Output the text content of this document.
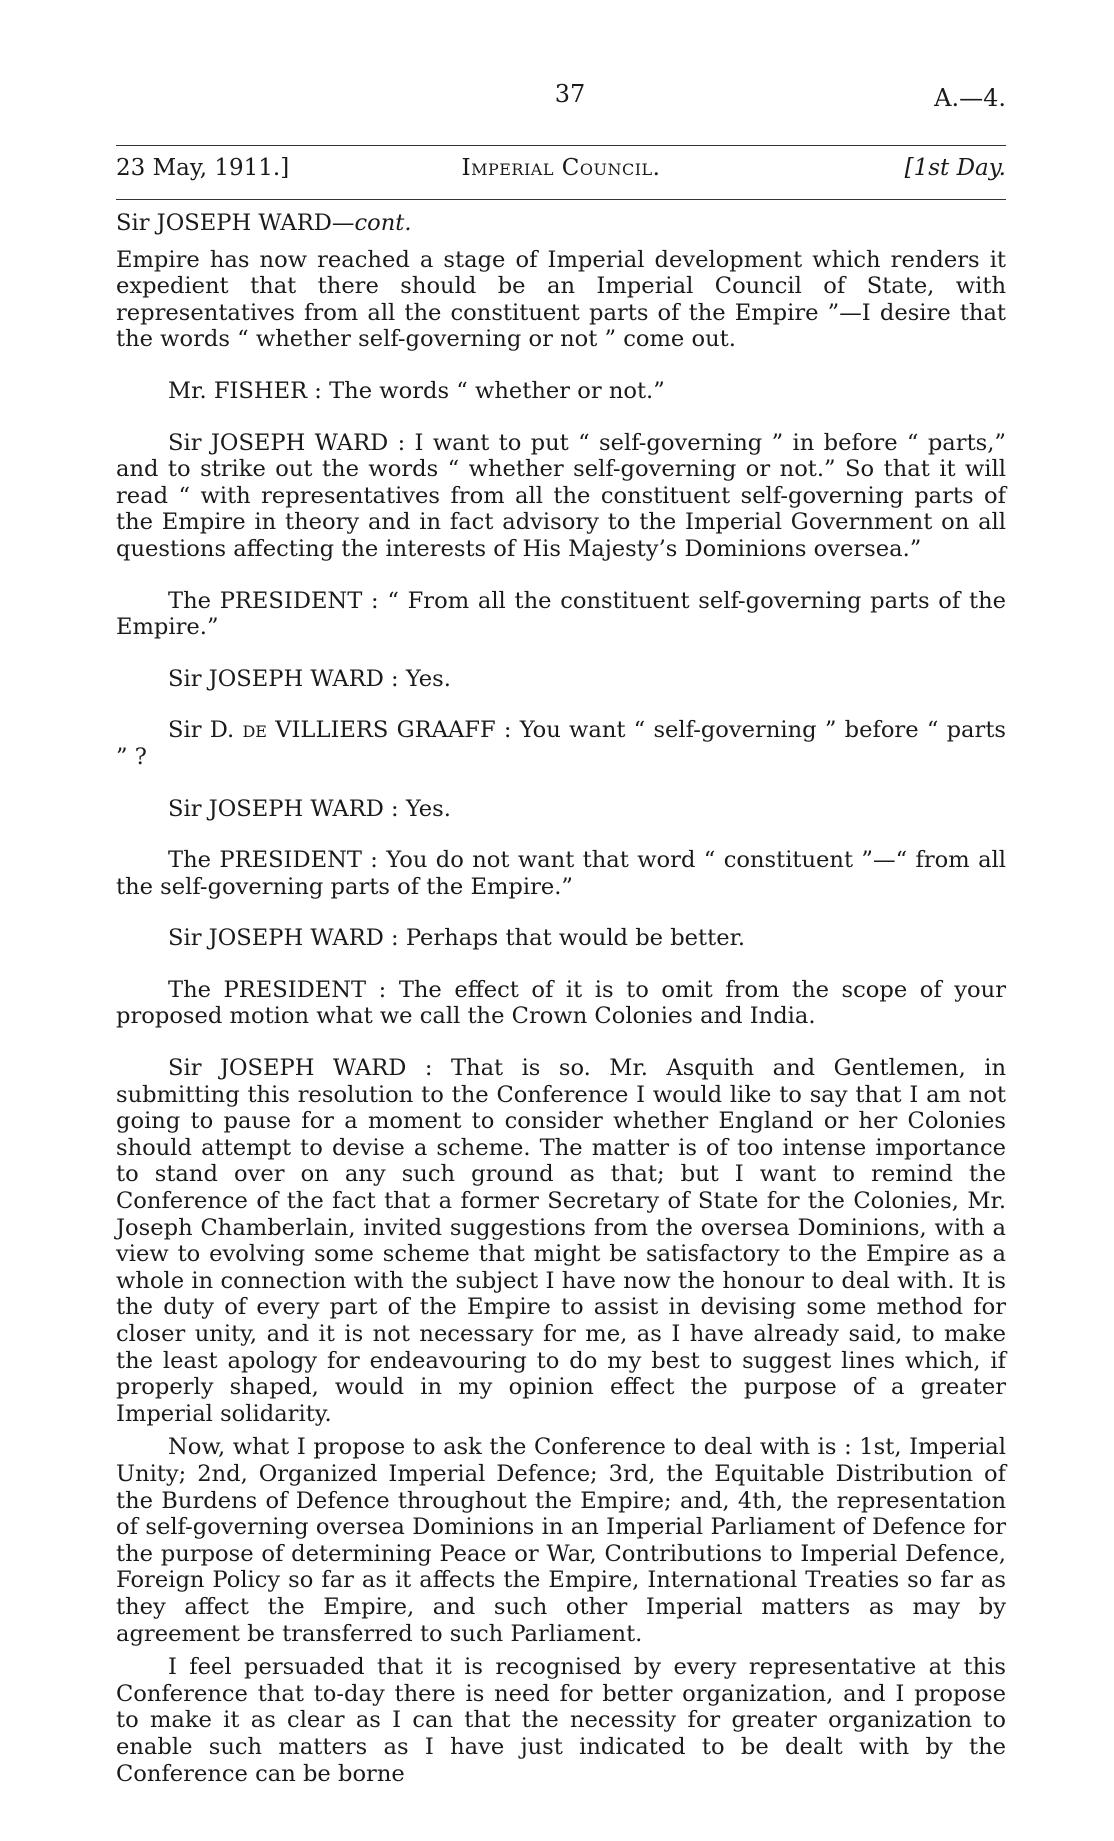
37	A.—4.
23 May, 1911.]	Imperial Council.	[1st Day.

Sir JOSEPH WARD—cont.

Empire has now reached a stage of Imperial development which renders it expedient that there should be an Imperial Council of State, with representatives from all the constituent parts of the Empire ”—I desire that the words “ whether self-governing or not ” come out.

Mr. FISHER : The words “ whether or not.”

Sir JOSEPH WARD : I want to put “ self-governing ” in before “ parts,” and to strike out the words “ whether self-governing or not.” So that it will read “ with representatives from all the constituent self-governing parts of the Empire in theory and in fact advisory to the Imperial Government on all questions affecting the interests of His Majesty’s Dominions oversea.”

The PRESIDENT : “ From all the constituent self-governing parts of the Empire.”

Sir JOSEPH WARD : Yes.

Sir D. de VILLIERS GRAAFF : You want “ self-governing ” before “ parts ” ?

Sir JOSEPH WARD : Yes.

The PRESIDENT : You do not want that word “ constituent ”—“ from all the self-governing parts of the Empire.”

Sir JOSEPH WARD : Perhaps that would be better.

The PRESIDENT : The effect of it is to omit from the scope of your proposed motion what we call the Crown Colonies and India.

Sir JOSEPH WARD : That is so. Mr. Asquith and Gentlemen, in submitting this resolution to the Conference I would like to say that I am not going to pause for a moment to consider whether England or her Colonies should attempt to devise a scheme. The matter is of too intense importance to stand over on any such ground as that; but I want to remind the Conference of the fact that a former Secretary of State for the Colonies, Mr. Joseph Chamberlain, invited suggestions from the oversea Dominions, with a view to evolving some scheme that might be satisfactory to the Empire as a whole in connection with the subject I have now the honour to deal with. It is the duty of every part of the Empire to assist in devising some method for closer unity, and it is not necessary for me, as I have already said, to make the least apology for endeavouring to do my best to suggest lines which, if properly shaped, would in my opinion effect the purpose of a greater Imperial solidarity.

Now, what I propose to ask the Conference to deal with is : 1st, Imperial Unity; 2nd, Organized Imperial Defence; 3rd, the Equitable Distribution of the Burdens of Defence throughout the Empire; and, 4th, the representation of self-governing oversea Dominions in an Imperial Parliament of Defence for the purpose of determining Peace or War, Contributions to Imperial Defence, Foreign Policy so far as it affects the Empire, International Treaties so far as they affect the Empire, and such other Imperial matters as may by agreement be transferred to such Parliament.

I feel persuaded that it is recognised by every representative at this Conference that to-day there is need for better organization, and I propose to make it as clear as I can that the necessity for greater organization to enable such matters as I have just indicated to be dealt with by the Conference can be borne
